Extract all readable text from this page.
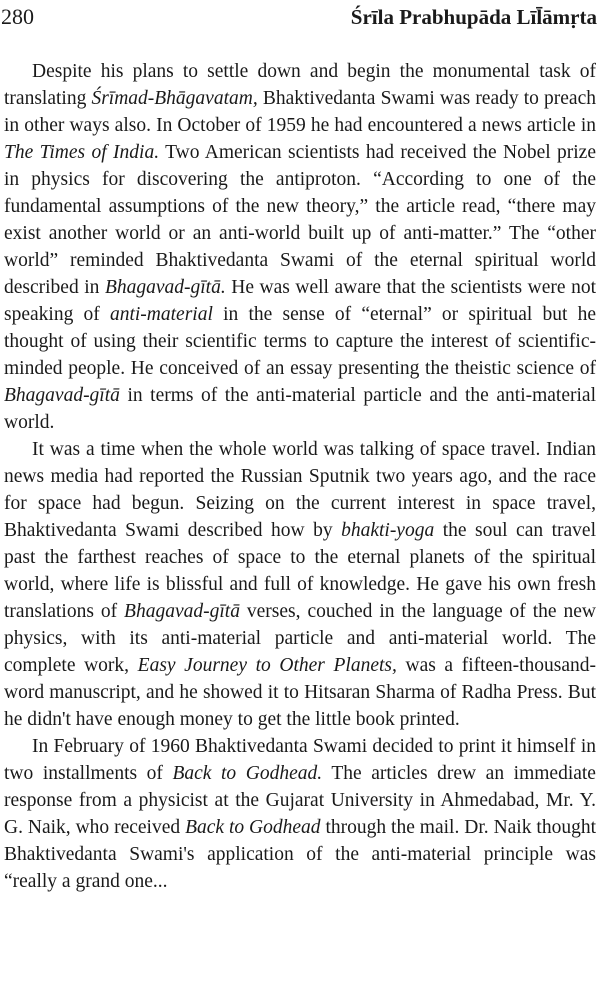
280	Śrīla Prabhupāda Līl̄āmṛta

Despite his plans to settle down and begin the monumental task of translating Śrīmad-Bhāgavatam, Bhaktivedanta Swami was ready to preach in other ways also. In October of 1959 he had encountered a news article in The Times of India. Two American scientists had received the Nobel prize in physics for discovering the antiproton. “According to one of the fundamental assumptions of the new theory,” the article read, “there may exist another world or an anti-world built up of anti-matter.” The “other world” reminded Bhaktivedanta Swami of the eternal spiritual world described in Bhagavad-gītā. He was well aware that the scientists were not speaking of anti-material in the sense of “eternal” or spiritual but he thought of using their scientific terms to capture the interest of scientific-minded people. He conceived of an essay presenting the theistic science of Bhagavad-gītā in terms of the anti-material particle and the anti-material world.

It was a time when the whole world was talking of space travel. Indian news media had reported the Russian Sputnik two years ago, and the race for space had begun. Seizing on the current interest in space travel, Bhaktivedanta Swami described how by bhakti-yoga the soul can travel past the farthest reaches of space to the eternal planets of the spiritual world, where life is blissful and full of knowledge. He gave his own fresh translations of Bhagavad-gītā verses, couched in the language of the new physics, with its anti-material particle and anti-material world. The complete work, Easy Journey to Other Planets, was a fifteen-thousand-word manuscript, and he showed it to Hitsaran Sharma of Radha Press. But he didn't have enough money to get the little book printed.

In February of 1960 Bhaktivedanta Swami decided to print it himself in two installments of Back to Godhead. The articles drew an immediate response from a physicist at the Gujarat University in Ahmedabad, Mr. Y. G. Naik, who received Back to Godhead through the mail. Dr. Naik thought Bhaktivedanta Swami's application of the anti-material principle was “really a grand one...
